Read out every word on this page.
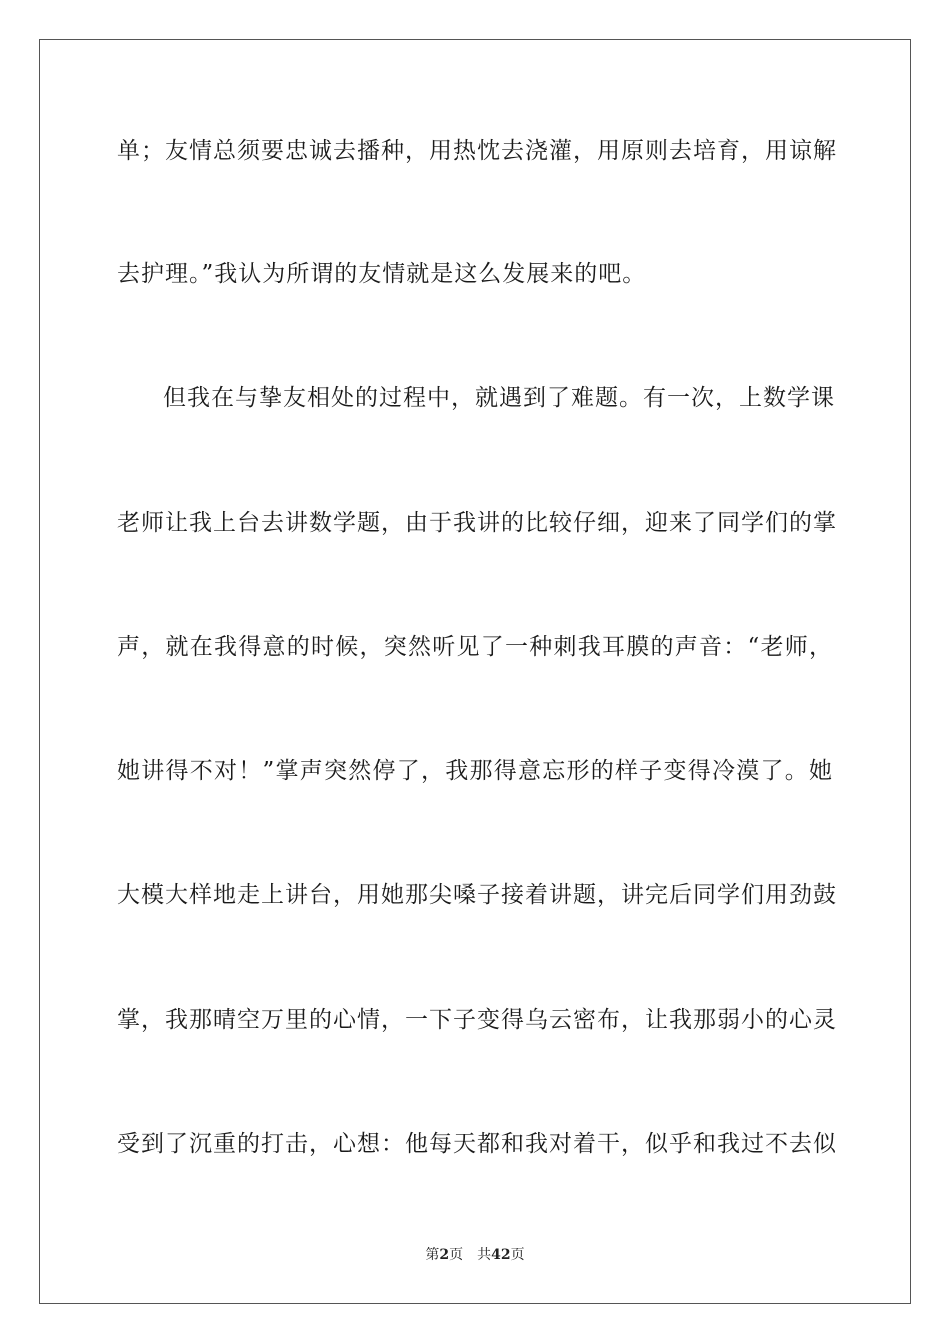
单；友情总须要忠诚去播种，用热忱去浇灌，用原则去培育，用谅解
去护理。”我认为所谓的友情就是这么发展来的吧。
但我在与挚友相处的过程中，就遇到了难题。有一次，上数学课
老师让我上台去讲数学题，由于我讲的比较仔细，迎来了同学们的掌
声，就在我得意的时候，突然听见了一种刺我耳膜的声音：“老师，
她讲得不对！”掌声突然停了，我那得意忘形的样子变得冷漠了。她
大模大样地走上讲台，用她那尖嗓子接着讲题，讲完后同学们用劲鼓
掌，我那晴空万里的心情，一下子变得乌云密布，让我那弱小的心灵
受到了沉重的打击，心想：他每天都和我对着干，似乎和我过不去似
第2页 共42页
